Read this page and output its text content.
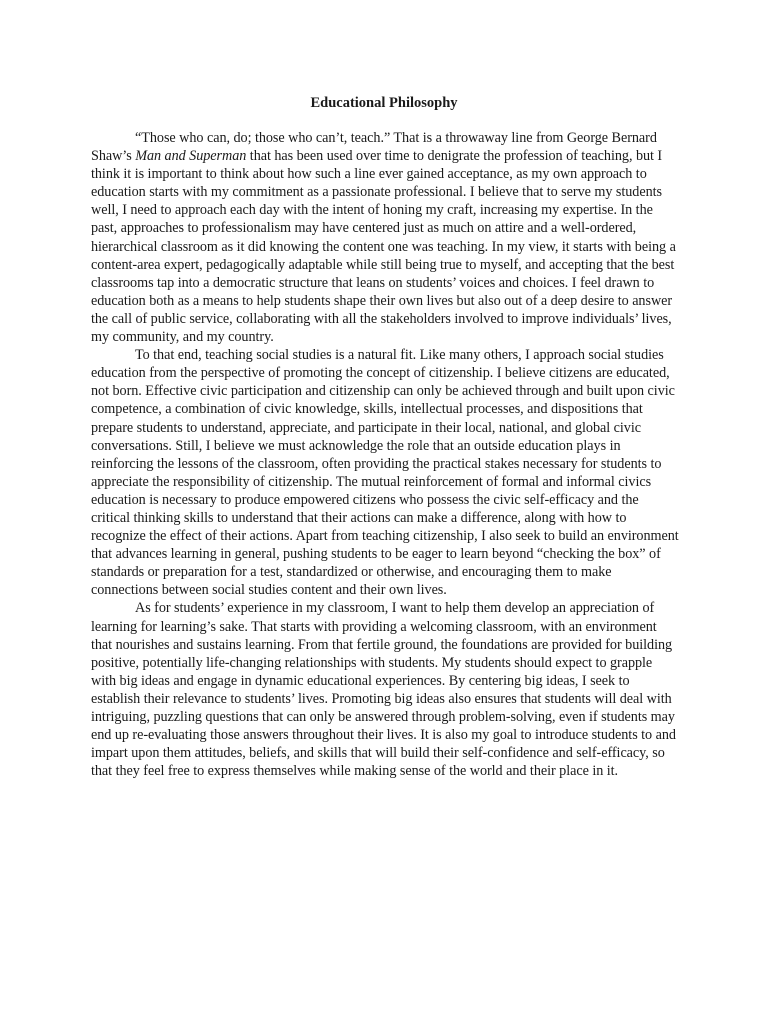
Educational Philosophy

“Those who can, do; those who can’t, teach.” That is a throwaway line from George Bernard Shaw’s Man and Superman that has been used over time to denigrate the profession of teaching, but I think it is important to think about how such a line ever gained acceptance, as my own approach to education starts with my commitment as a passionate professional. I believe that to serve my students well, I need to approach each day with the intent of honing my craft, increasing my expertise. In the past, approaches to professionalism may have centered just as much on attire and a well-ordered, hierarchical classroom as it did knowing the content one was teaching. In my view, it starts with being a content-area expert, pedagogically adaptable while still being true to myself, and accepting that the best classrooms tap into a democratic structure that leans on students’ voices and choices. I feel drawn to education both as a means to help students shape their own lives but also out of a deep desire to answer the call of public service, collaborating with all the stakeholders involved to improve individuals’ lives, my community, and my country.

To that end, teaching social studies is a natural fit. Like many others, I approach social studies education from the perspective of promoting the concept of citizenship. I believe citizens are educated, not born. Effective civic participation and citizenship can only be achieved through and built upon civic competence, a combination of civic knowledge, skills, intellectual processes, and dispositions that prepare students to understand, appreciate, and participate in their local, national, and global civic conversations. Still, I believe we must acknowledge the role that an outside education plays in reinforcing the lessons of the classroom, often providing the practical stakes necessary for students to appreciate the responsibility of citizenship. The mutual reinforcement of formal and informal civics education is necessary to produce empowered citizens who possess the civic self-efficacy and the critical thinking skills to understand that their actions can make a difference, along with how to recognize the effect of their actions. Apart from teaching citizenship, I also seek to build an environment that advances learning in general, pushing students to be eager to learn beyond “checking the box” of standards or preparation for a test, standardized or otherwise, and encouraging them to make connections between social studies content and their own lives.

As for students’ experience in my classroom, I want to help them develop an appreciation of learning for learning’s sake. That starts with providing a welcoming classroom, with an environment that nourishes and sustains learning. From that fertile ground, the foundations are provided for building positive, potentially life-changing relationships with students. My students should expect to grapple with big ideas and engage in dynamic educational experiences. By centering big ideas, I seek to establish their relevance to students’ lives. Promoting big ideas also ensures that students will deal with intriguing, puzzling questions that can only be answered through problem-solving, even if students may end up re-evaluating those answers throughout their lives. It is also my goal to introduce students to and impart upon them attitudes, beliefs, and skills that will build their self-confidence and self-efficacy, so that they feel free to express themselves while making sense of the world and their place in it.
